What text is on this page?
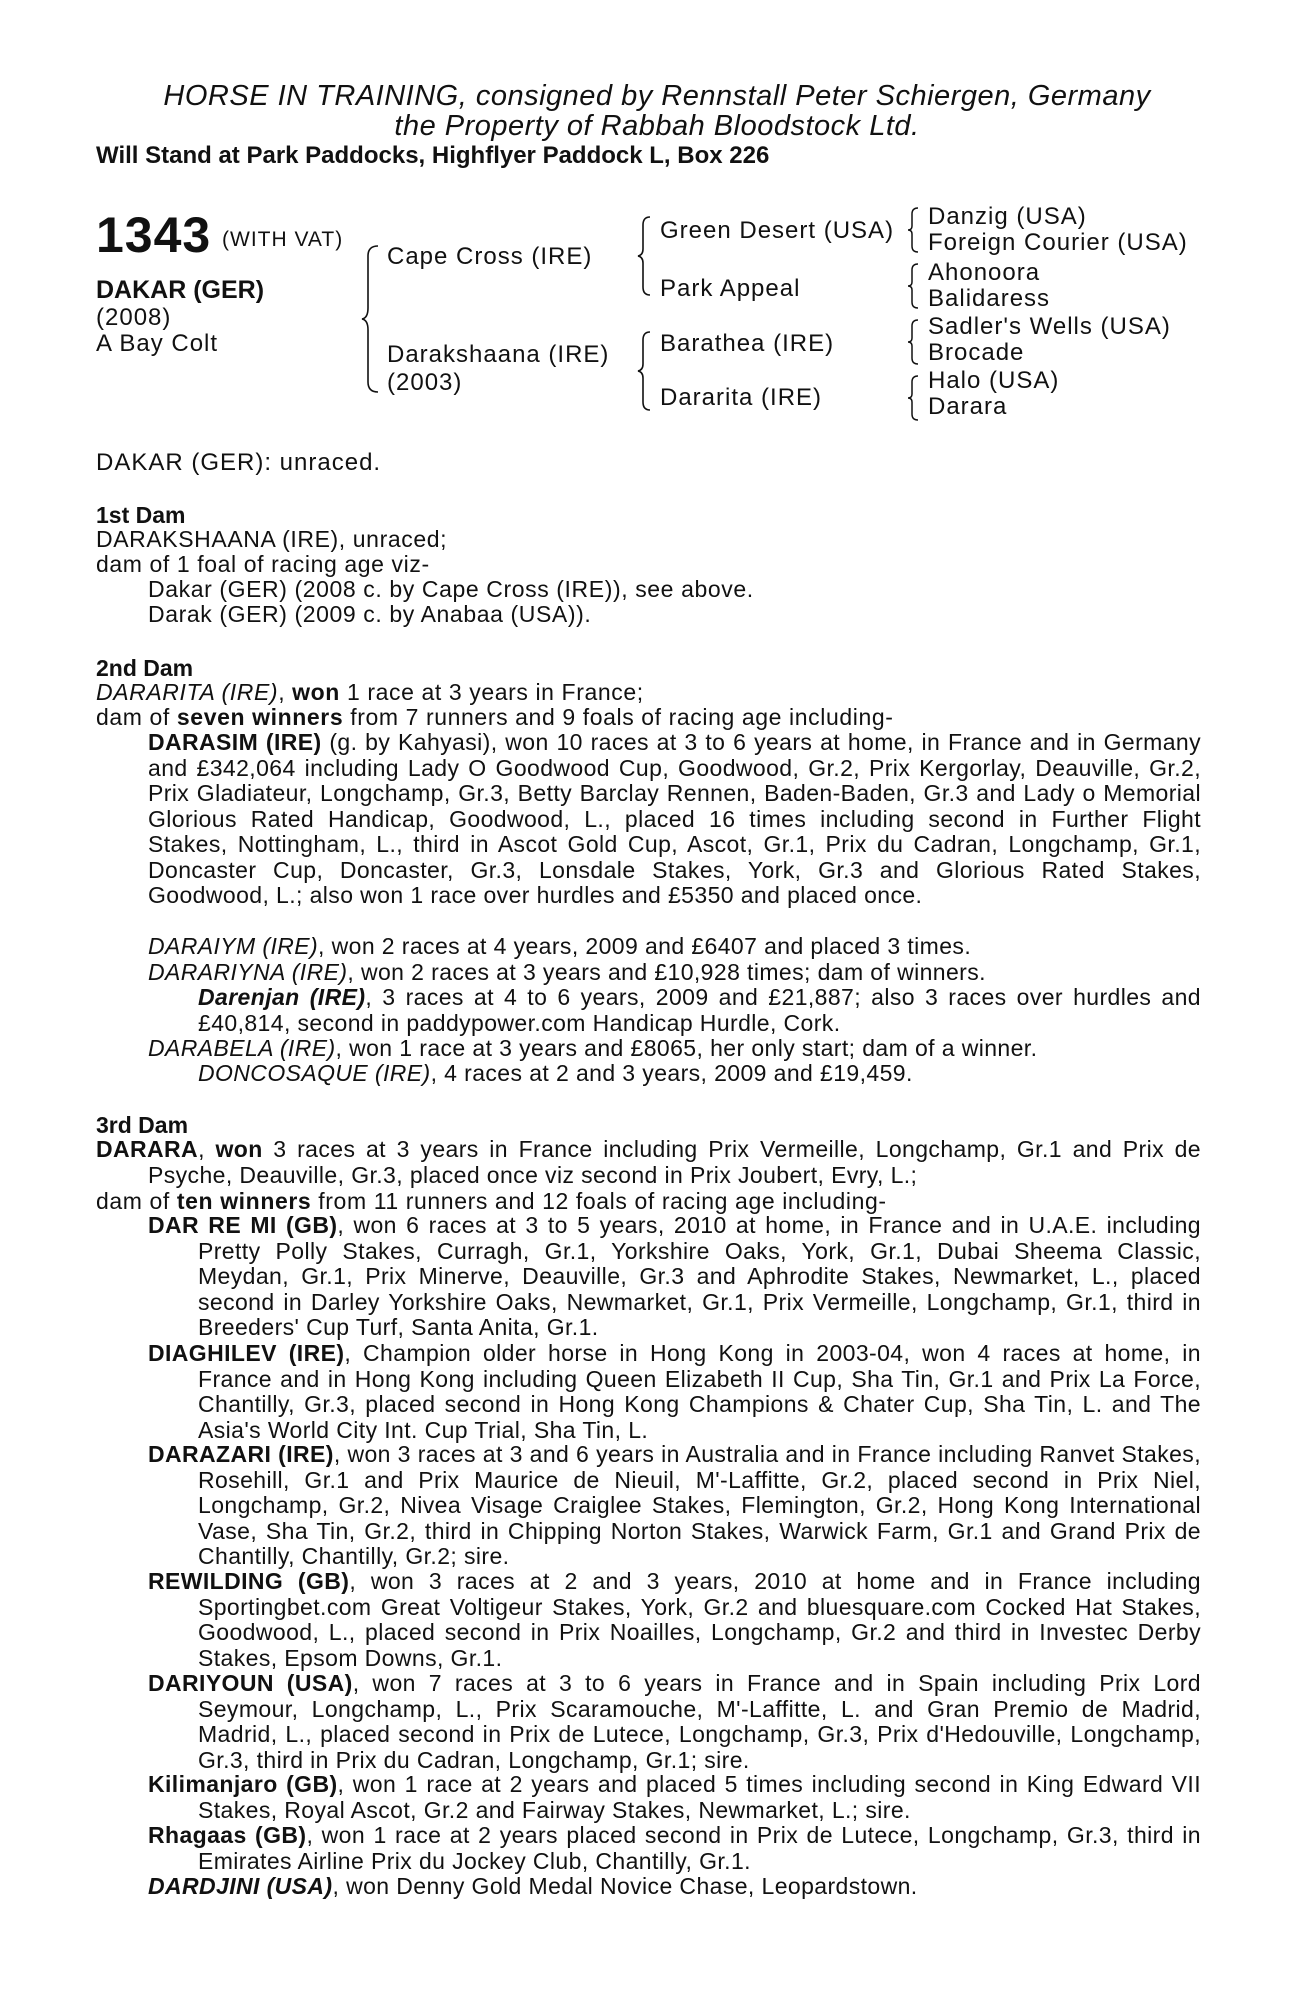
HORSE IN TRAINING, consigned by Rennstall Peter Schiergen, Germany
the Property of Rabbah Bloodstock Ltd.
Will Stand at Park Paddocks, Highflyer Paddock L, Box 226
1343 (WITH VAT)
DAKAR (GER)
(2008)
A Bay Colt
Cape Cross (IRE)
Darakshaana (IRE)
(2003)
Green Desert (USA)
Park Appeal
Barathea (IRE)
Dararita (IRE)
Danzig (USA)
Foreign Courier (USA)
Ahonoora
Balidaress
Sadler's Wells (USA)
Brocade
Halo (USA)
Darara
DAKAR (GER): unraced.
1st Dam
DARAKSHAANA (IRE), unraced;
dam of 1 foal of racing age viz-
Dakar (GER) (2008 c. by Cape Cross (IRE)), see above.
Darak (GER) (2009 c. by Anabaa (USA)).
2nd Dam
DARARITA (IRE), won 1 race at 3 years in France;
dam of seven winners from 7 runners and 9 foals of racing age including-
DARASIM (IRE) (g. by Kahyasi), won 10 races at 3 to 6 years at home, in France and in Germany and £342,064 including Lady O Goodwood Cup, Goodwood, Gr.2, Prix Kergorlay, Deauville, Gr.2, Prix Gladiateur, Longchamp, Gr.3, Betty Barclay Rennen, Baden-Baden, Gr.3 and Lady o Memorial Glorious Rated Handicap, Goodwood, L., placed 16 times including second in Further Flight Stakes, Nottingham, L., third in Ascot Gold Cup, Ascot, Gr.1, Prix du Cadran, Longchamp, Gr.1, Doncaster Cup, Doncaster, Gr.3, Lonsdale Stakes, York, Gr.3 and Glorious Rated Stakes, Goodwood, L.; also won 1 race over hurdles and £5350 and placed once.
DARAIYM (IRE), won 2 races at 4 years, 2009 and £6407 and placed 3 times.
DARARIYNA (IRE), won 2 races at 3 years and £10,928 times; dam of winners.
Darenjan (IRE), 3 races at 4 to 6 years, 2009 and £21,887; also 3 races over hurdles and £40,814, second in paddypower.com Handicap Hurdle, Cork.
DARABELA (IRE), won 1 race at 3 years and £8065, her only start; dam of a winner.
DONCOSAQUE (IRE), 4 races at 2 and 3 years, 2009 and £19,459.
3rd Dam
DARARA, won 3 races at 3 years in France including Prix Vermeille, Longchamp, Gr.1 and Prix de Psyche, Deauville, Gr.3, placed once viz second in Prix Joubert, Evry, L.;
dam of ten winners from 11 runners and 12 foals of racing age including-
DAR RE MI (GB), won 6 races at 3 to 5 years, 2010 at home, in France and in U.A.E. including Pretty Polly Stakes, Curragh, Gr.1, Yorkshire Oaks, York, Gr.1, Dubai Sheema Classic, Meydan, Gr.1, Prix Minerve, Deauville, Gr.3 and Aphrodite Stakes, Newmarket, L., placed second in Darley Yorkshire Oaks, Newmarket, Gr.1, Prix Vermeille, Longchamp, Gr.1, third in Breeders' Cup Turf, Santa Anita, Gr.1.
DIAGHILEV (IRE), Champion older horse in Hong Kong in 2003-04, won 4 races at home, in France and in Hong Kong including Queen Elizabeth II Cup, Sha Tin, Gr.1 and Prix La Force, Chantilly, Gr.3, placed second in Hong Kong Champions & Chater Cup, Sha Tin, L. and The Asia's World City Int. Cup Trial, Sha Tin, L.
DARAZARI (IRE), won 3 races at 3 and 6 years in Australia and in France including Ranvet Stakes, Rosehill, Gr.1 and Prix Maurice de Nieuil, M'-Laffitte, Gr.2, placed second in Prix Niel, Longchamp, Gr.2, Nivea Visage Craiglee Stakes, Flemington, Gr.2, Hong Kong International Vase, Sha Tin, Gr.2, third in Chipping Norton Stakes, Warwick Farm, Gr.1 and Grand Prix de Chantilly, Chantilly, Gr.2; sire.
REWILDING (GB), won 3 races at 2 and 3 years, 2010 at home and in France including Sportingbet.com Great Voltigeur Stakes, York, Gr.2 and bluesquare.com Cocked Hat Stakes, Goodwood, L., placed second in Prix Noailles, Longchamp, Gr.2 and third in Investec Derby Stakes, Epsom Downs, Gr.1.
DARIYOUN (USA), won 7 races at 3 to 6 years in France and in Spain including Prix Lord Seymour, Longchamp, L., Prix Scaramouche, M'-Laffitte, L. and Gran Premio de Madrid, Madrid, L., placed second in Prix de Lutece, Longchamp, Gr.3, Prix d'Hedouville, Longchamp, Gr.3, third in Prix du Cadran, Longchamp, Gr.1; sire.
Kilimanjaro (GB), won 1 race at 2 years and placed 5 times including second in King Edward VII Stakes, Royal Ascot, Gr.2 and Fairway Stakes, Newmarket, L.; sire.
Rhagaas (GB), won 1 race at 2 years placed second in Prix de Lutece, Longchamp, Gr.3, third in Emirates Airline Prix du Jockey Club, Chantilly, Gr.1.
DARDJINI (USA), won Denny Gold Medal Novice Chase, Leopardstown.
